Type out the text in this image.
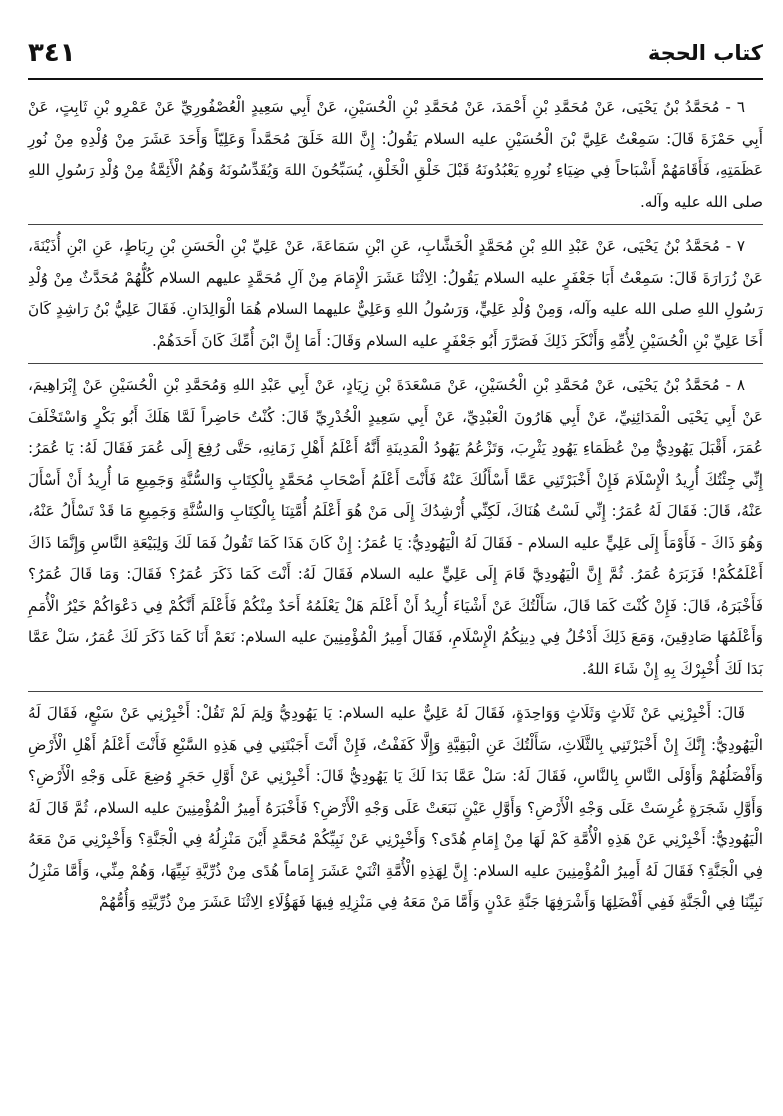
٣٤١	كتاب الحجة

٦ - مُحَمَّدُ بْنُ يَحْيَى، عَنْ مُحَمَّدِ بْنِ أَحْمَدَ، عَنْ مُحَمَّدِ بْنِ الْحُسَيْنِ، عَنْ أَبِي سَعِيدٍ الْعُصْفُورِيِّ عَنْ عَمْرِو بْنِ ثَابِتٍ، عَنْ أَبِي حَمْزَةَ قَالَ: سَمِعْتُ عَلِيَّ بْنَ الْحُسَيْنِ عليه السلام يَقُولُ: إِنَّ اللهَ خَلَقَ مُحَمَّداً وَعَلِيّاً وَأَحَدَ عَشَرَ مِنْ وُلْدِهِ مِنْ نُورِ عَظَمَتِهِ، فَأَقَامَهُمْ أَشْبَاحاً فِي ضِيَاءِ نُورِهِ يَعْبُدُونَهُ قَبْلَ خَلْقِ الْخَلْقِ، يُسَبِّحُونَ اللهَ وَيُقَدِّسُونَهُ وَهُمُ الْأَئِمَّةُ مِنْ وُلْدِ رَسُولِ اللهِ صلى الله عليه وآله.

٧ - مُحَمَّدُ بْنُ يَحْيَى، عَنْ عَبْدِ اللهِ بْنِ مُحَمَّدٍ الْخَشَّابِ، عَنِ ابْنِ سَمَاعَةَ، عَنْ عَلِيِّ بْنِ الْحَسَنِ بْنِ رِبَاطٍ، عَنِ ابْنِ أُذَيْنَةَ، عَنْ زُرَارَةَ قَالَ: سَمِعْتُ أَبَا جَعْفَرٍ عليه السلام يَقُولُ: الِاثْنَا عَشَرَ الْإِمَامَ مِنْ آلِ مُحَمَّدٍ عليهم السلام كُلُّهُمْ مُحَدَّثٌ مِنْ وُلْدِ رَسُولِ اللهِ صلى الله عليه وآله، وَمِنْ وُلْدِ عَلِيٍّ، وَرَسُولُ اللهِ وَعَلِيٌّ عليهما السلام هُمَا الْوَالِدَانِ. فَقَالَ عَلِيُّ بْنُ رَاشِدٍ كَانَ أَخَا عَلِيِّ بْنِ الْحُسَيْنِ لِأُمِّهِ وَأَنْكَرَ ذَلِكَ فَصَرَّرَ أَبُو جَعْفَرٍ عليه السلام وَقَالَ: أَمَا إِنَّ ابْنَ أُمِّكَ كَانَ أَحَدَهُمْ.

٨ - مُحَمَّدُ بْنُ يَحْيَى، عَنْ مُحَمَّدِ بْنِ الْحُسَيْنِ، عَنْ مَسْعَدَةَ بْنِ زِيَادٍ، عَنْ أَبِي عَبْدِ اللهِ وَمُحَمَّدِ بْنِ الْحُسَيْنِ عَنْ إِبْرَاهِيمَ، عَنْ أَبِي يَحْيَى الْمَدَائِنِيِّ، عَنْ أَبِي هَارُونَ الْعَبْدِيِّ، عَنْ أَبِي سَعِيدٍ الْخُدْرِيِّ قَالَ: كُنْتُ حَاضِراً لَمَّا هَلَكَ أَبُو بَكْرٍ وَاسْتَخْلَفَ عُمَرَ، أَقْبَلَ يَهُودِيٌّ مِنْ عُظَمَاءِ يَهُودِ يَثْرِبَ، وَتَزْعُمُ يَهُودُ الْمَدِينَةِ أَنَّهُ أَعْلَمُ أَهْلِ زَمَانِهِ، حَتَّى رُفِعَ إِلَى عُمَرَ فَقَالَ لَهُ: يَا عُمَرُ: إِنِّي جِئْتُكَ أُرِيدُ الْإِسْلَامَ فَإِنْ أَخْبَرْتَنِي عَمَّا أَسْأَلُكَ عَنْهُ فَأَنْتَ أَعْلَمُ أَصْحَابِ مُحَمَّدٍ بِالْكِتَابِ وَالسُّنَّةِ وَجَمِيعِ مَا أُرِيدُ أَنْ أَسْأَلَ عَنْهُ، قَالَ: فَقَالَ لَهُ عُمَرُ: إِنِّي لَسْتُ هُنَاكَ، لَكِنِّي أُرْشِدُكَ إِلَى مَنْ هُوَ أَعْلَمُ أُمَّتِنَا بِالْكِتَابِ وَالسُّنَّةِ وَجَمِيعِ مَا قَدْ تَسْأَلُ عَنْهُ، وَهُوَ ذَاكَ - فَأَوْمَأَ إِلَى عَلِيٍّ عليه السلام - فَقَالَ لَهُ الْيَهُودِيُّ: يَا عُمَرُ: إِنْ كَانَ هَذَا كَمَا تَقُولُ فَمَا لَكَ وَلِبَيْعَةِ النَّاسِ وَإِنَّمَا ذَاكَ أَعْلَمُكُمْ! فَزَبَرَهُ عُمَرُ. ثُمَّ إِنَّ الْيَهُودِيَّ قَامَ إِلَى عَلِيٍّ عليه السلام فَقَالَ لَهُ: أَنْتَ كَمَا ذَكَرَ عُمَرُ؟ فَقَالَ: وَمَا قَالَ عُمَرُ؟ فَأَخْبَرَهُ، قَالَ: فَإِنْ كُنْتَ كَمَا قَالَ، سَأَلْتُكَ عَنْ أَشْيَاءَ أُرِيدُ أَنْ أَعْلَمَ هَلْ يَعْلَمُهُ أَحَدٌ مِنْكُمْ فَأَعْلَمَ أَنَّكُمْ فِي دَعْوَاكُمْ خَيْرُ الْأُمَمِ وَأَعْلَمُهَا صَادِقِينَ، وَمَعَ ذَلِكَ أَدْخُلُ فِي دِينِكُمُ الْإِسْلَامِ، فَقَالَ أَمِيرُ الْمُؤْمِنِينَ عليه السلام: نَعَمْ أَنَا كَمَا ذَكَرَ لَكَ عُمَرُ، سَلْ عَمَّا بَدَا لَكَ أُخْبِرْكَ بِهِ إِنْ شَاءَ اللهُ.

قَالَ: أَخْبِرْنِي عَنْ ثَلَاثٍ وَثَلَاثٍ وَوَاحِدَةٍ، فَقَالَ لَهُ عَلِيٌّ عليه السلام: يَا يَهُودِيُّ وَلِمَ لَمْ تَقُلْ: أَخْبِرْنِي عَنْ سَبْعٍ، فَقَالَ لَهُ الْيَهُودِيُّ: إِنَّكَ إِنْ أَخْبَرْتَنِي بِالثَّلَاثِ، سَأَلْتُكَ عَنِ الْبَقِيَّةِ وَإِلَّا كَفَفْتُ، فَإِنْ أَنْتَ أَجَبْتَنِي فِي هَذِهِ السَّبْعِ فَأَنْتَ أَعْلَمُ أَهْلِ الْأَرْضِ وَأَفْضَلُهُمْ وَأَوْلَى النَّاسِ بِالنَّاسِ، فَقَالَ لَهُ: سَلْ عَمَّا بَدَا لَكَ يَا يَهُودِيُّ قَالَ: أَخْبِرْنِي عَنْ أَوَّلِ حَجَرٍ وُضِعَ عَلَى وَجْهِ الْأَرْضِ؟ وَأَوَّلِ شَجَرَةٍ غُرِسَتْ عَلَى وَجْهِ الْأَرْضِ؟ وَأَوَّلِ عَيْنٍ نَبَعَتْ عَلَى وَجْهِ الْأَرْضِ؟ فَأَخْبَرَهُ أَمِيرُ الْمُؤْمِنِينَ عليه السلام، ثُمَّ قَالَ لَهُ الْيَهُودِيُّ: أَخْبِرْنِي عَنْ هَذِهِ الْأُمَّةِ كَمْ لَهَا مِنْ إِمَامِ هُدًى؟ وَأَخْبِرْنِي عَنْ نَبِيِّكُمْ مُحَمَّدٍ أَيْنَ مَنْزِلُهُ فِي الْجَنَّةِ؟ وَأَخْبِرْنِي مَنْ مَعَهُ فِي الْجَنَّةِ؟ فَقَالَ لَهُ أَمِيرُ الْمُؤْمِنِينَ عليه السلام: إِنَّ لِهَذِهِ الْأُمَّةِ اثْنَيْ عَشَرَ إِمَاماً هُدًى مِنْ ذُرِّيَّةِ نَبِيِّهَا، وَهُمْ مِنِّي، وَأَمَّا مَنْزِلُ نَبِيِّنَا فِي الْجَنَّةِ فَفِي أَفْضَلِهَا وَأَشْرَفِهَا جَنَّةِ عَدْنٍ وَأَمَّا مَنْ مَعَهُ فِي مَنْزِلِهِ فِيهَا فَهَؤُلَاءِ الِاثْنَا عَشَرَ مِنْ ذُرِّيَّتِهِ وَأُمُّهُمْ
